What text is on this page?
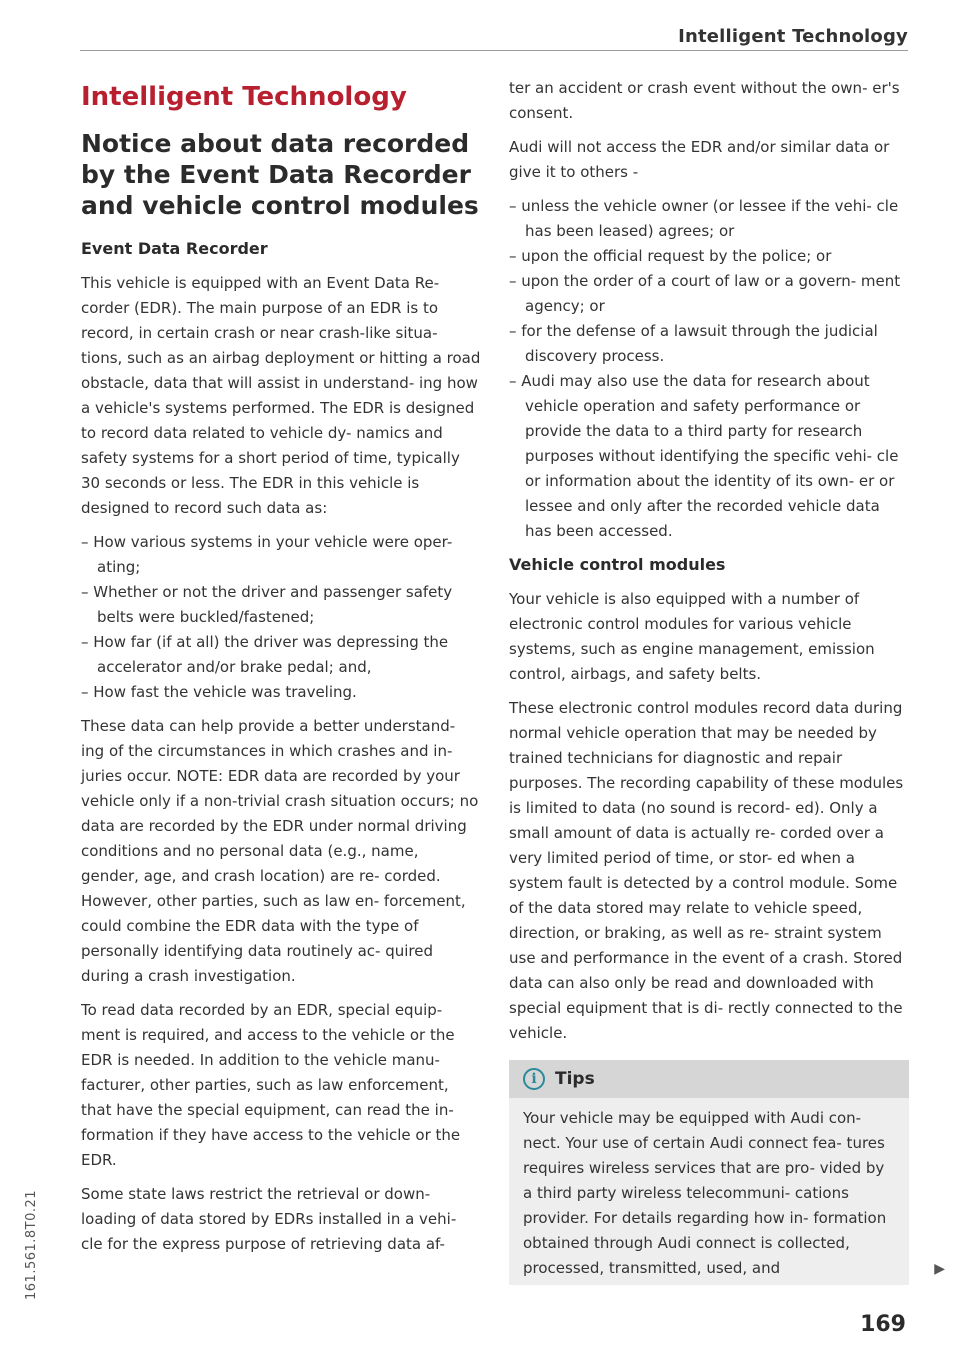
Intelligent Technology
Intelligent Technology
Notice about data recorded by the Event Data Recorder and vehicle control modules
Event Data Recorder

This vehicle is equipped with an Event Data Re- corder (EDR). The main purpose of an EDR is to record, in certain crash or near crash-like situa- tions, such as an airbag deployment or hitting a road obstacle, data that will assist in understand- ing how a vehicle's systems performed. The EDR is designed to record data related to vehicle dy- namics and safety systems for a short period of time, typically 30 seconds or less. The EDR in this vehicle is designed to record such data as:

– How various systems in your vehicle were oper- ating;
– Whether or not the driver and passenger safety belts were buckled/fastened;
– How far (if at all) the driver was depressing the accelerator and/or brake pedal; and,
– How fast the vehicle was traveling.

These data can help provide a better understand- ing of the circumstances in which crashes and in- juries occur. NOTE: EDR data are recorded by your vehicle only if a non-trivial crash situation occurs; no data are recorded by the EDR under normal driving conditions and no personal data (e.g., name, gender, age, and crash location) are re- corded. However, other parties, such as law en- forcement, could combine the EDR data with the type of personally identifying data routinely ac- quired during a crash investigation.

To read data recorded by an EDR, special equip- ment is required, and access to the vehicle or the EDR is needed. In addition to the vehicle manu- facturer, other parties, such as law enforcement, that have the special equipment, can read the in- formation if they have access to the vehicle or the EDR.

Some state laws restrict the retrieval or down- loading of data stored by EDRs installed in a vehi- cle for the express purpose of retrieving data af-

ter an accident or crash event without the own- er's consent.

Audi will not access the EDR and/or similar data or give it to others -

– unless the vehicle owner (or lessee if the vehi- cle has been leased) agrees; or
– upon the official request by the police; or
– upon the order of a court of law or a govern- ment agency; or
– for the defense of a lawsuit through the judicial discovery process.
– Audi may also use the data for research about vehicle operation and safety performance or provide the data to a third party for research purposes without identifying the specific vehi- cle or information about the identity of its own- er or lessee and only after the recorded vehicle data has been accessed.
Vehicle control modules

Your vehicle is also equipped with a number of electronic control modules for various vehicle systems, such as engine management, emission control, airbags, and safety belts.

These electronic control modules record data during normal vehicle operation that may be needed by trained technicians for diagnostic and repair purposes. The recording capability of these modules is limited to data (no sound is record- ed). Only a small amount of data is actually re- corded over a very limited period of time, or stor- ed when a system fault is detected by a control module. Some of the data stored may relate to vehicle speed, direction, or braking, as well as re- straint system use and performance in the event of a crash. Stored data can also only be read and downloaded with special equipment that is di- rectly connected to the vehicle.

i	Tips

Your vehicle may be equipped with Audi con- nect. Your use of certain Audi connect fea- tures requires wireless services that are pro- vided by a third party wireless telecommuni- cations provider. For details regarding how in- formation obtained through Audi connect is collected, processed, transmitted, used, and	▶
169
161.561.8T0.21
